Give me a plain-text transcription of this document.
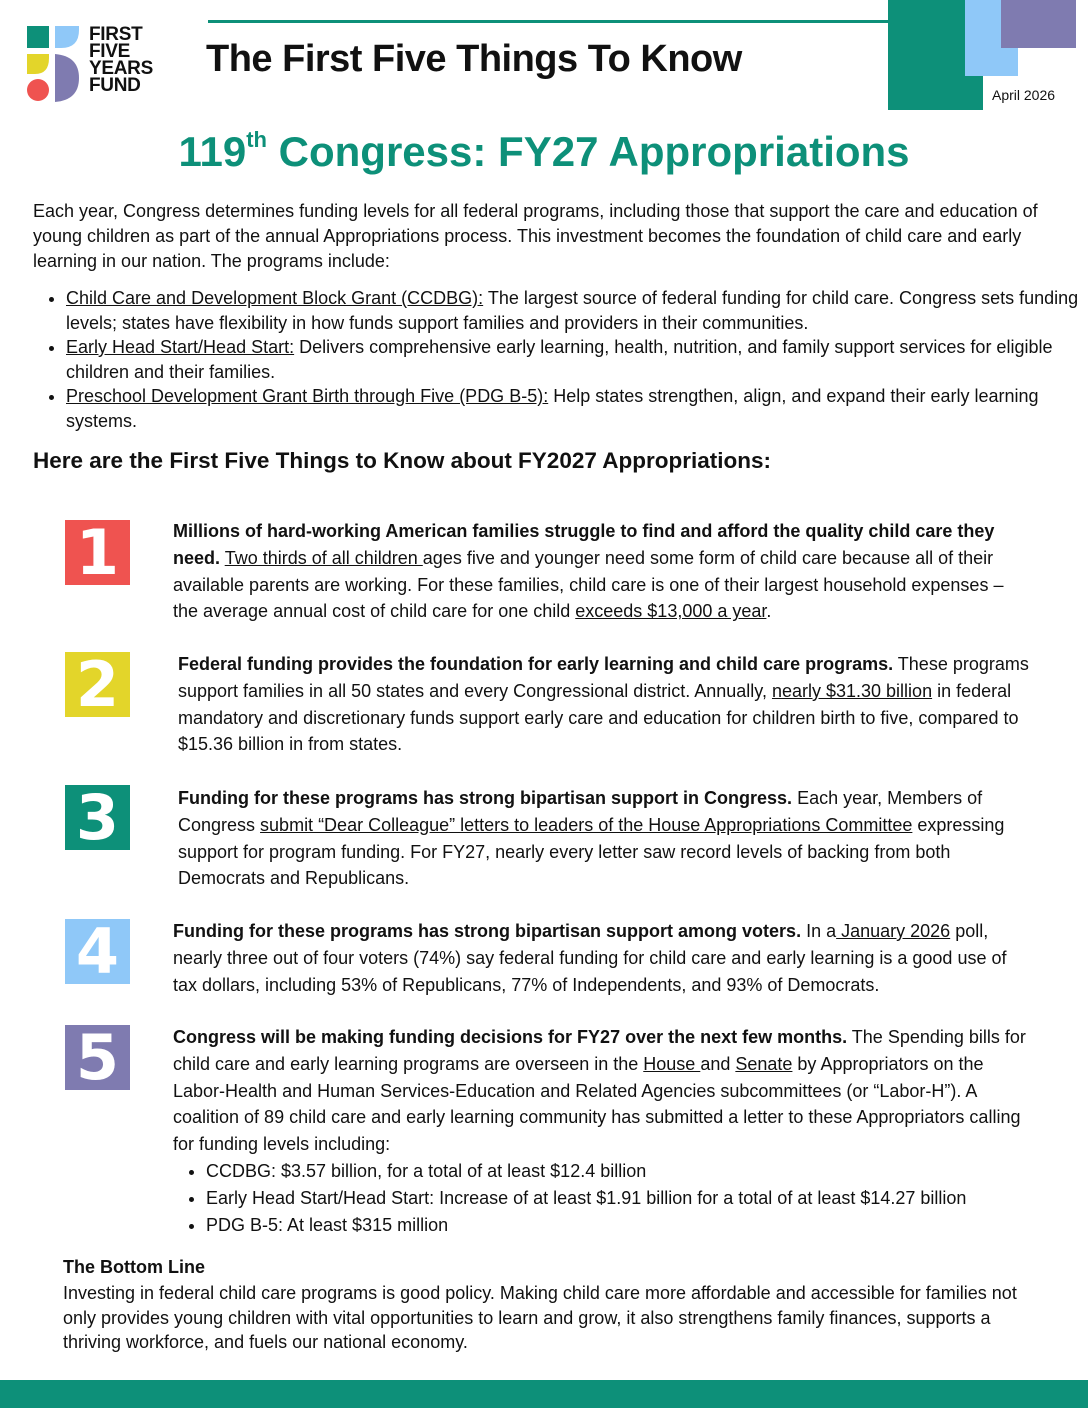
FIRST
FIVE
YEARS
FUND
The First Five Things To Know
April 2026
119th Congress: FY27 Appropriations

Each year, Congress determines funding levels for all federal programs, including those that support the care and education of young children as part of the annual Appropriations process. This investment becomes the foundation of child care and early learning in our nation. The programs include:

• Child Care and Development Block Grant (CCDBG): The largest source of federal funding for child care. Congress sets funding levels; states have flexibility in how funds support families and providers in their communities.
• Early Head Start/Head Start: Delivers comprehensive early learning, health, nutrition, and family support services for eligible children and their families.
• Preschool Development Grant Birth through Five (PDG B-5): Help states strengthen, align, and expand their early learning systems.
Here are the First Five Things to Know about FY2027 Appropriations:
1	Millions of hard-working American families struggle to find and afford the quality child care they need. Two thirds of all children ages five and younger need some form of child care because all of their available parents are working. For these families, child care is one of their largest household expenses – the average annual cost of child care for one child exceeds $13,000 a year.

2	Federal funding provides the foundation for early learning and child care programs. These programs support families in all 50 states and every Congressional district. Annually, nearly $31.30 billion in federal mandatory and discretionary funds support early care and education for children birth to five, compared to $15.36 billion in from states.

3	Funding for these programs has strong bipartisan support in Congress. Each year, Members of Congress submit “Dear Colleague” letters to leaders of the House Appropriations Committee expressing support for program funding. For FY27, nearly every letter saw record levels of backing from both Democrats and Republicans.

4	Funding for these programs has strong bipartisan support among voters. In a January 2026 poll, nearly three out of four voters (74%) say federal funding for child care and early learning is a good use of tax dollars, including 53% of Republicans, 77% of Independents, and 93% of Democrats.

5	Congress will be making funding decisions for FY27 over the next few months. The Spending bills for child care and early learning programs are overseen in the House and Senate by Appropriators on the Labor-Health and Human Services-Education and Related Agencies subcommittees (or “Labor-H”). A coalition of 89 child care and early learning community has submitted a letter to these Appropriators calling for funding levels including:
• CCDBG: $3.57 billion, for a total of at least $12.4 billion
• Early Head Start/Head Start: Increase of at least $1.91 billion for a total of at least $14.27 billion
• PDG B-5: At least $315 million
The Bottom Line

Investing in federal child care programs is good policy. Making child care more affordable and accessible for families not only provides young children with vital opportunities to learn and grow, it also strengthens family finances, supports a thriving workforce, and fuels our national economy.
